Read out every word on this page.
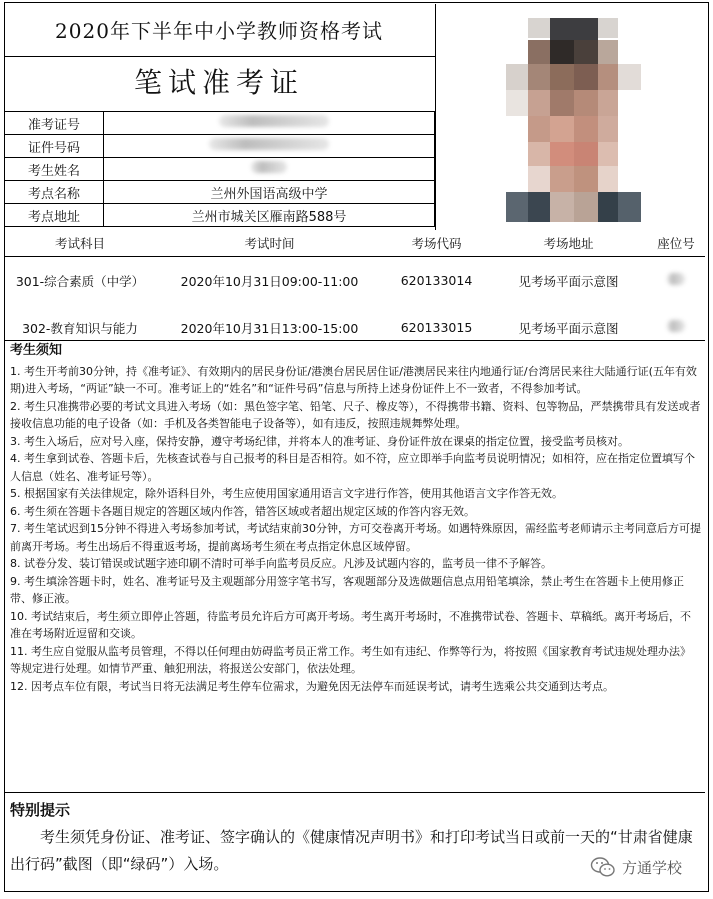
2020年下半年中小学教师资格考试
笔试准考证
准考证号	
证件号码	
考生姓名	
考点名称	兰州外国语高级中学
考点地址	兰州市城关区雁南路588号
考试科目	考试时间	考场代码	考场地址	座位号
301-综合素质（中学）	2020年10月31日09:00-11:00	620133014	见考场平面示意图	
302-教育知识与能力	2020年10月31日13:00-15:00	620133015	见考场平面示意图	
考生须知

1. 考生开考前30分钟，持《准考证》、有效期内的居民身份证/港澳台居民居住证/港澳居民来往内地通行证/台湾居民来往大陆通行证(五年有效期)进入考场，“两证”缺一不可。准考证上的“姓名”和“证件号码”信息与所持上述身份证件上不一致者，不得参加考试。

2. 考生只准携带必要的考试文具进入考场（如：黑色签字笔、铅笔、尺子、橡皮等），不得携带书籍、资料、包等物品，严禁携带具有发送或者接收信息功能的电子设备（如：手机及各类智能电子设备等），如有违反，按照违规舞弊处理。

3. 考生入场后，应对号入座，保持安静，遵守考场纪律，并将本人的准考证、身份证件放在课桌的指定位置，接受监考员核对。

4. 考生拿到试卷、答题卡后，先核查试卷与自己报考的科目是否相符。如不符，应立即举手向监考员说明情况；如相符，应在指定位置填写个人信息（姓名、准考证号等）。

5. 根据国家有关法律规定，除外语科目外，考生应使用国家通用语言文字进行作答，使用其他语言文字作答无效。

6. 考生须在答题卡各题目规定的答题区域内作答，错答区域或者超出规定区域的作答内容无效。

7. 考生笔试迟到15分钟不得进入考场参加考试，考试结束前30分钟，方可交卷离开考场。如遇特殊原因，需经监考老师请示主考同意后方可提前离开考场。考生出场后不得重返考场，提前离场考生须在考点指定休息区域停留。

8. 试卷分发、装订错误或试题字迹印刷不清时可举手向监考员反应。凡涉及试题内容的，监考员一律不予解答。

9. 考生填涂答题卡时，姓名、准考证号及主观题部分用签字笔书写，客观题部分及选做题信息点用铅笔填涂，禁止考生在答题卡上使用修正带、修正液。

10. 考试结束后，考生须立即停止答题，待监考员允许后方可离开考场。考生离开考场时，不准携带试卷、答题卡、草稿纸。离开考场后，不准在考场附近逗留和交谈。

11. 考生应自觉服从监考员管理，不得以任何理由妨碍监考员正常工作。考生如有违纪、作弊等行为，将按照《国家教育考试违规处理办法》等规定进行处理。如情节严重、触犯刑法，将报送公安部门，依法处理。

12. 因考点车位有限，考试当日将无法满足考生停车位需求，为避免因无法停车而延误考试，请考生选乘公共交通到达考点。

特别提示
考生须凭身份证、准考证、签字确认的《健康情况声明书》和打印考试当日或前一天的“甘肃省健康出行码”截图（即“绿码”）入场。	方通学校
